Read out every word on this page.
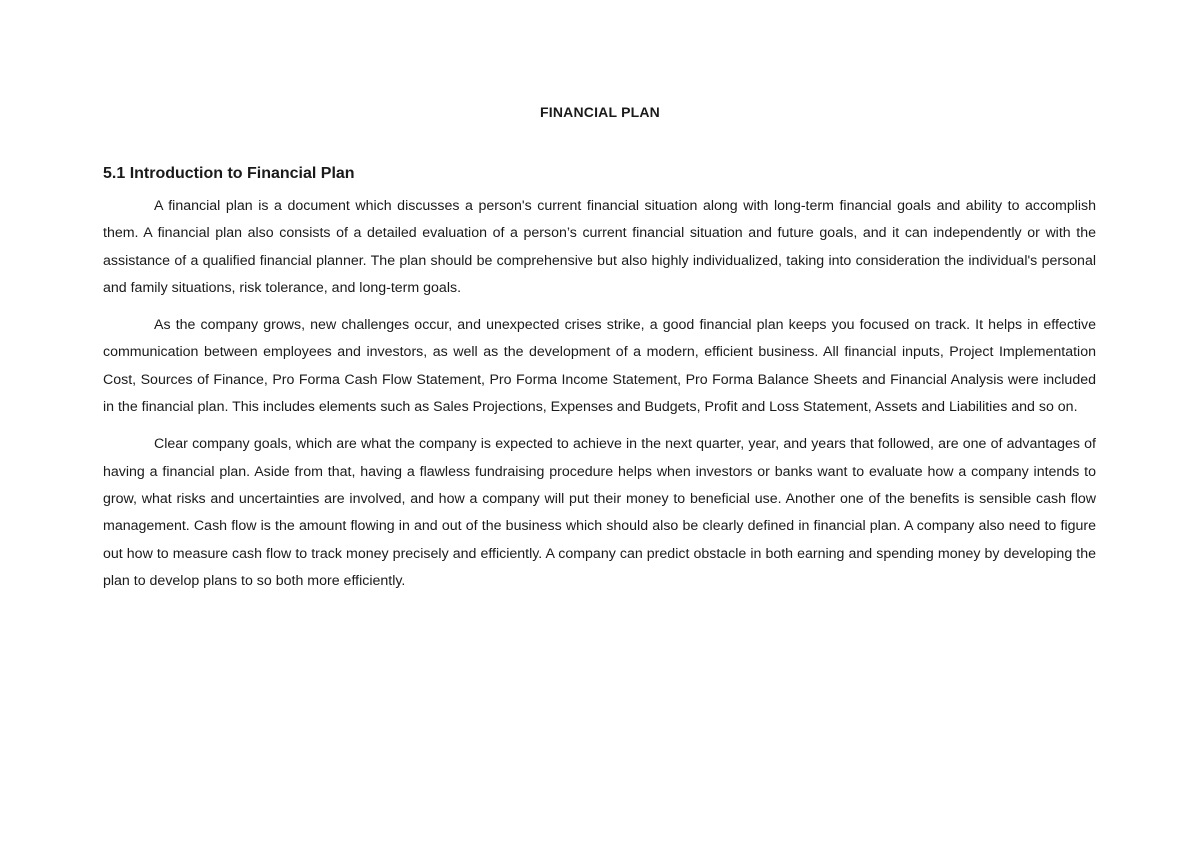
FINANCIAL PLAN
5.1 Introduction to Financial Plan

A financial plan is a document which discusses a person's current financial situation along with long-term financial goals and ability to accomplish them. A financial plan also consists of a detailed evaluation of a person’s current financial situation and future goals, and it can independently or with the assistance of a qualified financial planner. The plan should be comprehensive but also highly individualized, taking into consideration the individual's personal and family situations, risk tolerance, and long-term goals.

As the company grows, new challenges occur, and unexpected crises strike, a good financial plan keeps you focused on track. It helps in effective communication between employees and investors, as well as the development of a modern, efficient business. All financial inputs, Project Implementation Cost, Sources of Finance, Pro Forma Cash Flow Statement, Pro Forma Income Statement, Pro Forma Balance Sheets and Financial Analysis were included in the financial plan. This includes elements such as Sales Projections, Expenses and Budgets, Profit and Loss Statement, Assets and Liabilities and so on.

Clear company goals, which are what the company is expected to achieve in the next quarter, year, and years that followed, are one of advantages of having a financial plan. Aside from that, having a flawless fundraising procedure helps when investors or banks want to evaluate how a company intends to grow, what risks and uncertainties are involved, and how a company will put their money to beneficial use. Another one of the benefits is sensible cash flow management. Cash flow is the amount flowing in and out of the business which should also be clearly defined in financial plan. A company also need to figure out how to measure cash flow to track money precisely and efficiently. A company can predict obstacle in both earning and spending money by developing the plan to develop plans to so both more efficiently.
